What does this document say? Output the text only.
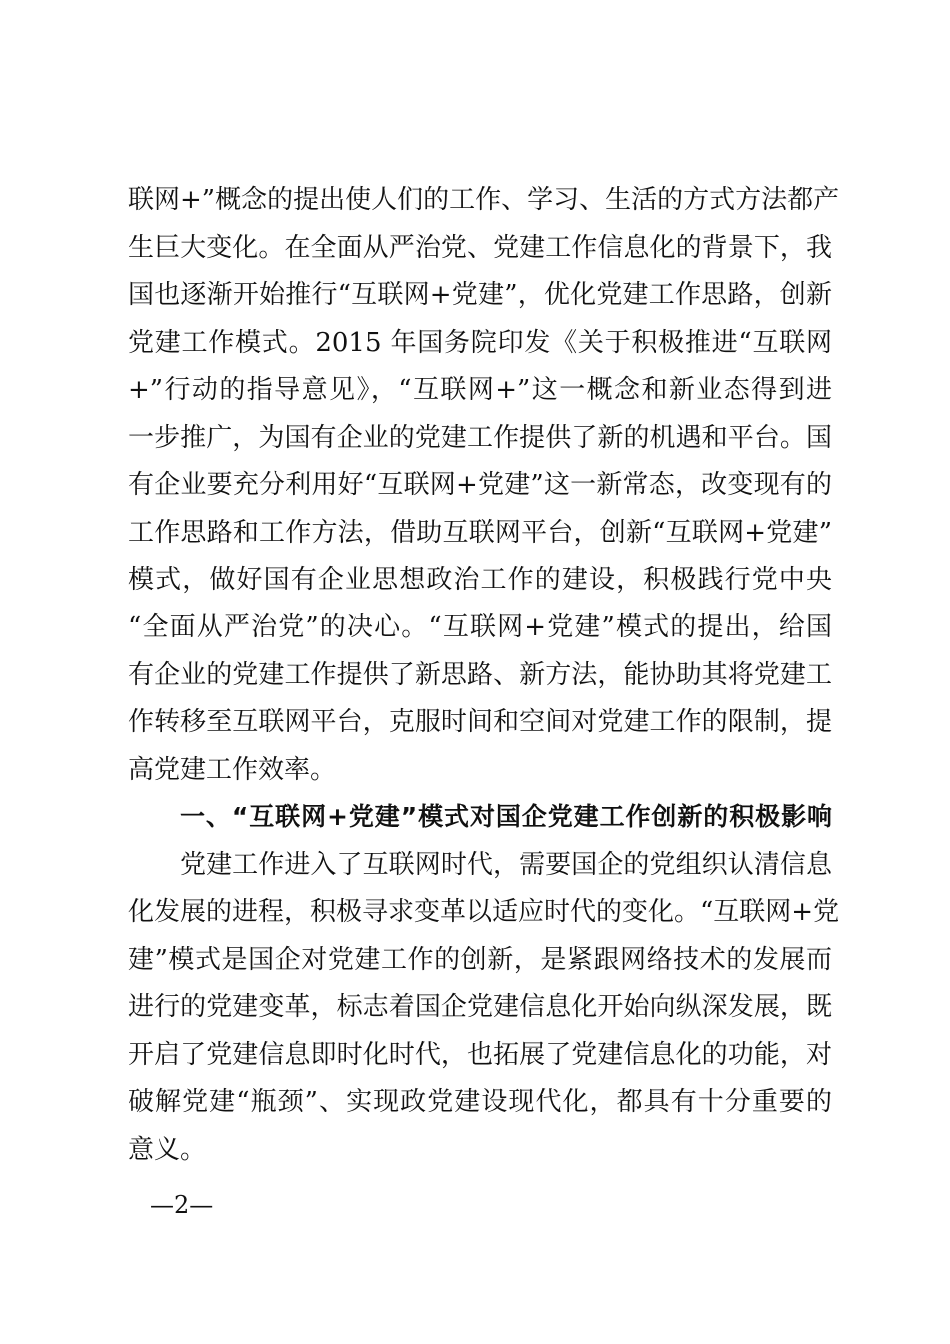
联网+”概念的提出使人们的工作、学习、生活的方式方法都产
生巨大变化。在全面从严治党、党建工作信息化的背景下，我
国也逐渐开始推行“互联网+党建”，优化党建工作思路，创新
党建工作模式。2015 年国务院印发《关于积极推进“互联网
+”行动的指导意见》，“互联网+”这一概念和新业态得到进
一步推广，为国有企业的党建工作提供了新的机遇和平台。国
有企业要充分利用好“互联网+党建”这一新常态，改变现有的
工作思路和工作方法，借助互联网平台，创新“互联网+党建”
模式，做好国有企业思想政治工作的建设，积极践行党中央
“全面从严治党”的决心。“互联网+党建”模式的提出，给国
有企业的党建工作提供了新思路、新方法，能协助其将党建工
作转移至互联网平台，克服时间和空间对党建工作的限制，提
高党建工作效率。
一、“互联网+党建”模式对国企党建工作创新的积极影响
党建工作进入了互联网时代，需要国企的党组织认清信息
化发展的进程，积极寻求变革以适应时代的变化。“互联网+党
建”模式是国企对党建工作的创新，是紧跟网络技术的发展而
进行的党建变革，标志着国企党建信息化开始向纵深发展，既
开启了党建信息即时化时代，也拓展了党建信息化的功能，对
破解党建“瓶颈”、实现政党建设现代化，都具有十分重要的
意义。
—2—
